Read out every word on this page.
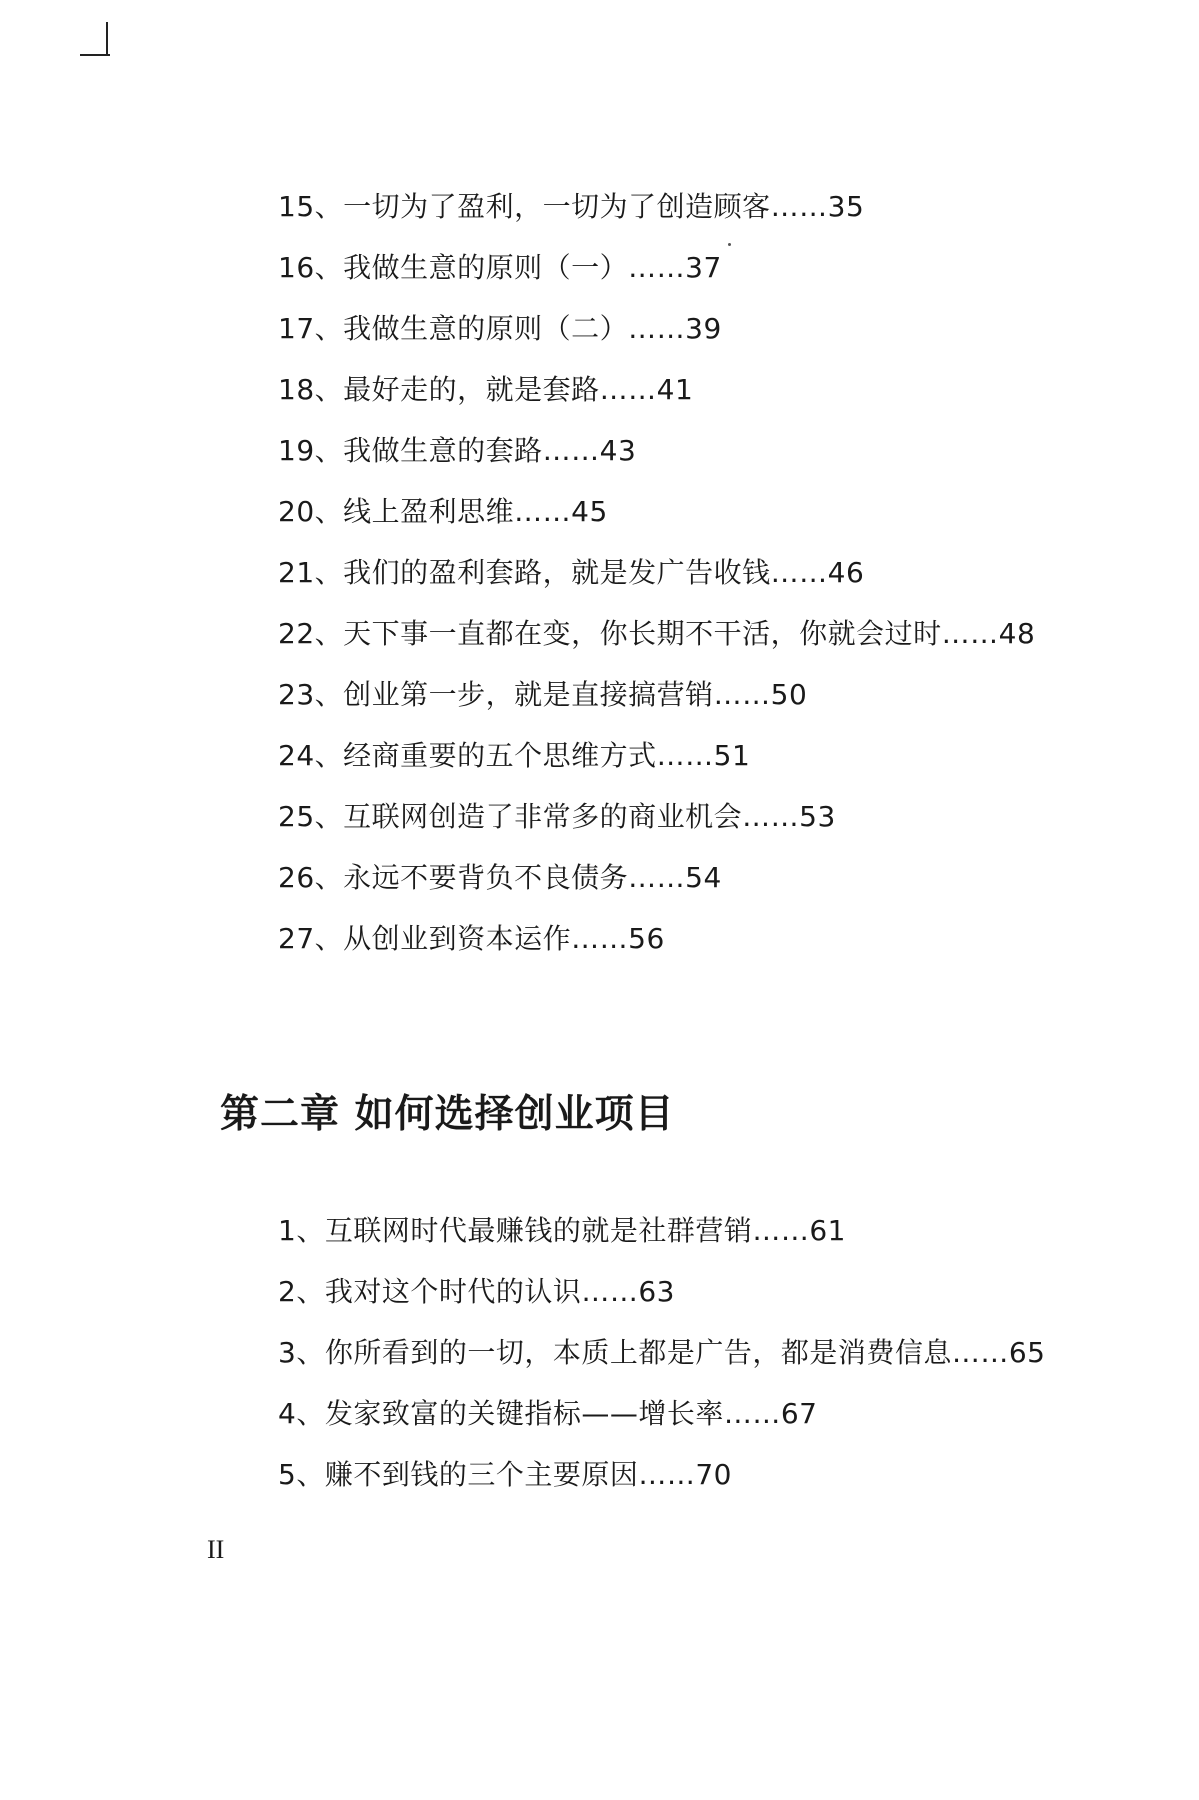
15、一切为了盈利，一切为了创造顾客……35
16、我做生意的原则（一）……37
17、我做生意的原则（二）……39
18、最好走的，就是套路……41
19、我做生意的套路……43
20、线上盈利思维……45
21、我们的盈利套路，就是发广告收钱……46
22、天下事一直都在变，你长期不干活，你就会过时……48
23、创业第一步，就是直接搞营销……50
24、经商重要的五个思维方式……51
25、互联网创造了非常多的商业机会……53
26、永远不要背负不良债务……54
27、从创业到资本运作……56
第二章 如何选择创业项目
1、互联网时代最赚钱的就是社群营销……61
2、我对这个时代的认识……63
3、你所看到的一切，本质上都是广告，都是消费信息……65
4、发家致富的关键指标——增长率……67
5、赚不到钱的三个主要原因……70
II
